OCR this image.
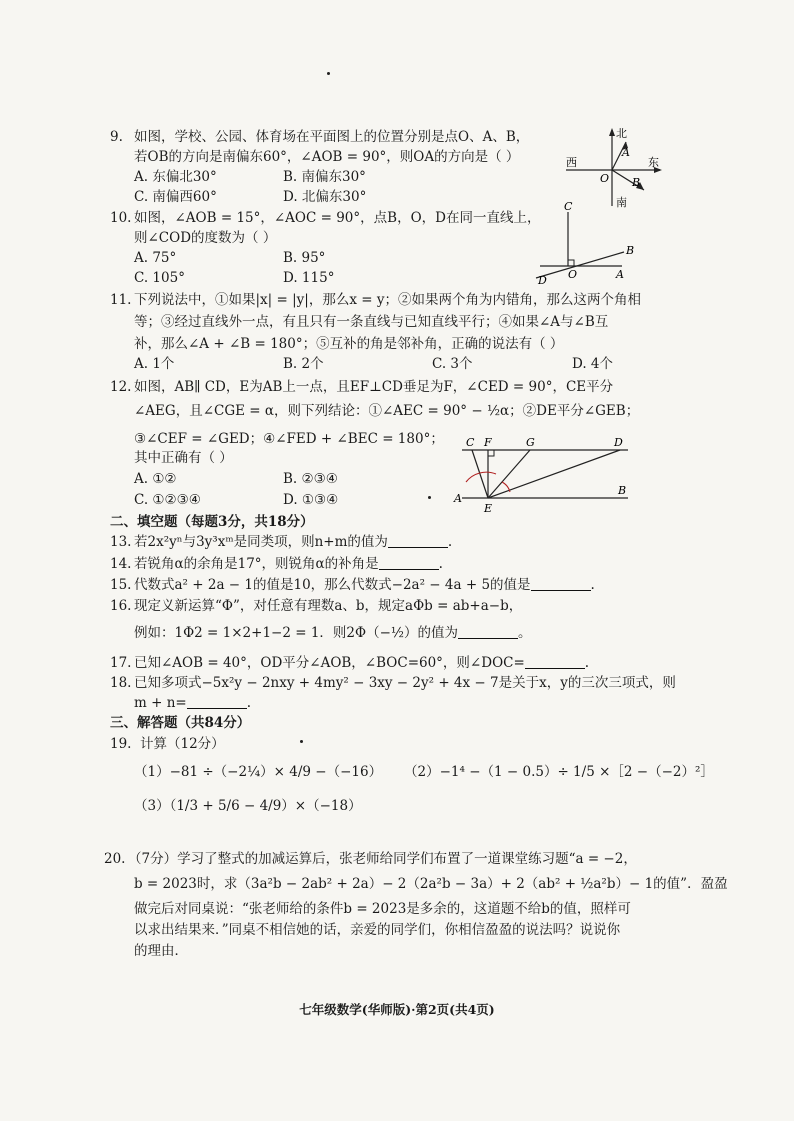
9. 如图，学校、公园、体育场在平面图上的位置分别是点O、A、B，
若OB的方向是南偏东60°，∠AOB = 90°，则OA的方向是（ ）
A. 东偏北30°	B. 南偏东30°
C. 南偏西60°	D. 北偏东30°
北
南
东
西
O
A
B
10. 如图，∠AOB = 15°，∠AOC = 90°，点B，O，D在同一直线上，
则∠COD的度数为（ ）
A. 75°	B. 95°
C. 105°	D. 115°
C
B
D O	A
11. 下列说法中，①如果|x| = |y|，那么x = y；②如果两个角为内错角，那么这两个角相
等；③经过直线外一点，有且只有一条直线与已知直线平行；④如果∠A与∠B互
补，那么∠A + ∠B = 180°；⑤互补的角是邻补角，正确的说法有（ ）
A. 1个	B. 2个	C. 3个	D. 4个
12. 如图，AB∥ CD，E为AB上一点，且EF⊥CD垂足为F，∠CED = 90°，CE平分
∠AEG，且∠CGE = α，则下列结论：①∠AEC = 90° − ½α；②DE平分∠GEB；
③∠CEF = ∠GED；④∠FED + ∠BEC = 180°；
其中正确有（ ）
A. ①②	B. ②③④
C. ①②③④	D. ①③④
C F	G	D
A
E
B
二、填空题（每题3分，共18分）
13. 若2x²yⁿ与3y³xᵐ是同类项，则n+m的值为	.
14. 若锐角α的余角是17°，则锐角α的补角是	.
15. 代数式a² + 2a − 1的值是10，那么代数式−2a² − 4a + 5的值是	.
16. 现定义新运算“Φ”，对任意有理数a、b，规定aΦb = ab+a−b，
例如：1Φ2 = 1×2+1−2 = 1．则2Φ（−½）的值为	。
17. 已知∠AOB = 40°，OD平分∠AOB，∠BOC=60°，则∠DOC=	.
18. 已知多项式−5x²y − 2nxy + 4my² − 3xy − 2y² + 4x − 7是关于x，y的三次三项式，则
m + n=	.
三、解答题（共84分）
19. 计算（12分）
（1）−81 ÷（−2¼）× 4/9 −（−16） （2）−1⁴ −（1 − 0.5）÷ 1/5 ×［2 −（−2）²］
（3）（1/3 + 5/6 − 4/9）×（−18）
20. （7分）学习了整式的加减运算后，张老师给同学们布置了一道课堂练习题“a = −2，
b = 2023时，求（3a²b − 2ab² + 2a）− 2（2a²b − 3a）+ 2（ab² + ½a²b）− 1的值”．盈盈
做完后对同桌说：“张老师给的条件b = 2023是多余的，这道题不给b的值，照样可
以求出结果来．”同桌不相信她的话，亲爱的同学们，你相信盈盈的说法吗？说说你
的理由．
七年级数学(华师版)·第2页(共4页)
